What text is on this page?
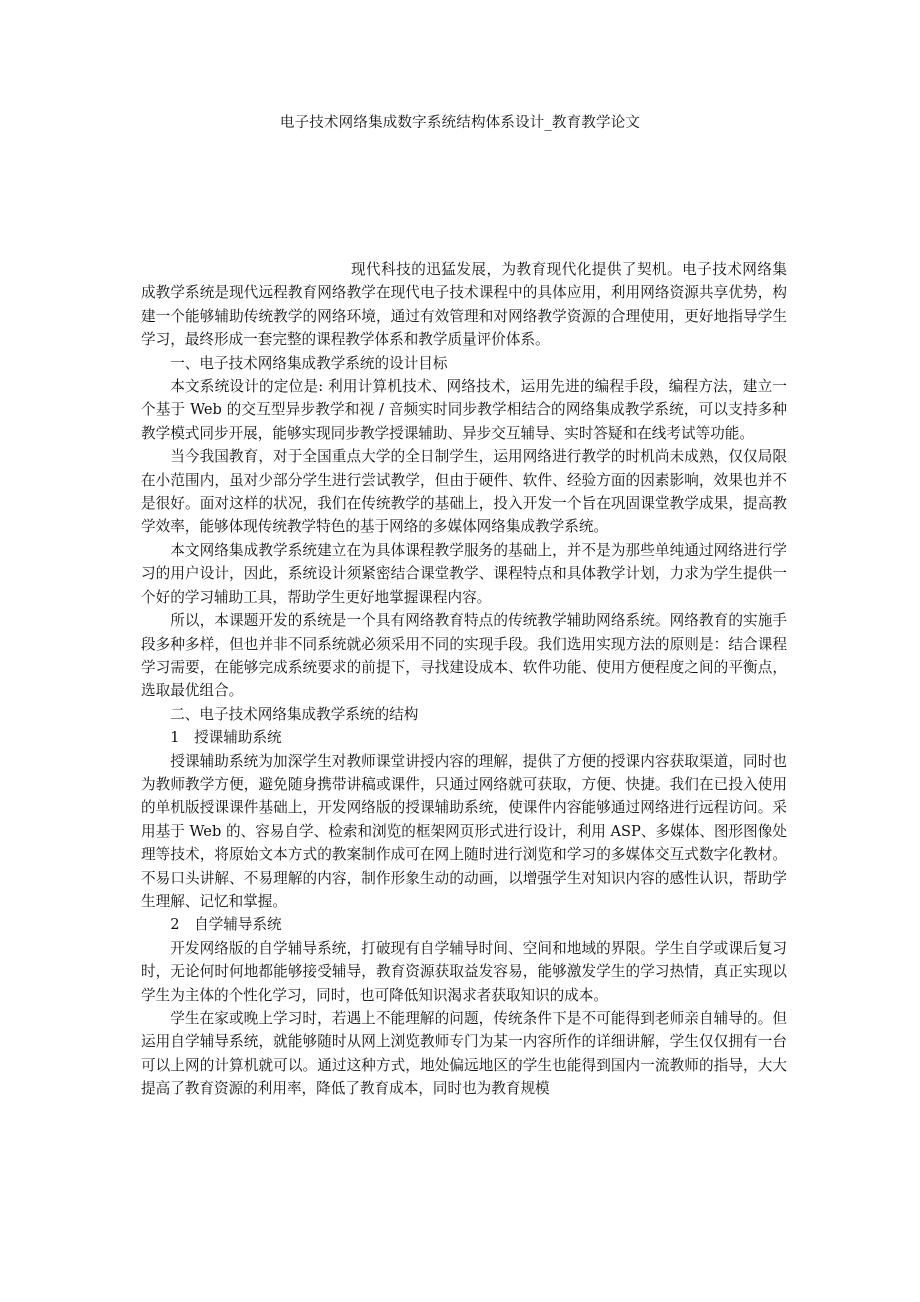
电子技术网络集成数字系统结构体系设计_教育教学论文

现代科技的迅猛发展，为教育现代化提供了契机。电子技术网络集成教学系统是现代远程教育网络教学在现代电子技术课程中的具体应用，利用网络资源共享优势，构建一个能够辅助传统教学的网络环境，通过有效管理和对网络教学资源的合理使用，更好地指导学生学习，最终形成一套完整的课程教学体系和教学质量评价体系。

一、电子技术网络集成教学系统的设计目标

本文系统设计的定位是: 利用计算机技术、网络技术，运用先进的编程手段，编程方法，建立一个基于 Web 的交互型异步教学和视 / 音频实时同步教学相结合的网络集成教学系统，可以支持多种教学模式同步开展，能够实现同步教学授课辅助、异步交互辅导、实时答疑和在线考试等功能。

当今我国教育，对于全国重点大学的全日制学生，运用网络进行教学的时机尚未成熟，仅仅局限在小范围内，虽对少部分学生进行尝试教学，但由于硬件、软件、经验方面的因素影响，效果也并不是很好。面对这样的状况，我们在传统教学的基础上，投入开发一个旨在巩固课堂教学成果，提高教学效率，能够体现传统教学特色的基于网络的多媒体网络集成教学系统。

本文网络集成教学系统建立在为具体课程教学服务的基础上，并不是为那些单纯通过网络进行学习的用户设计，因此，系统设计须紧密结合课堂教学、课程特点和具体教学计划，力求为学生提供一个好的学习辅助工具，帮助学生更好地掌握课程内容。

所以，本课题开发的系统是一个具有网络教育特点的传统教学辅助网络系统。网络教育的实施手段多种多样，但也并非不同系统就必须采用不同的实现手段。我们选用实现方法的原则是：结合课程学习需要，在能够完成系统要求的前提下，寻找建设成本、软件功能、使用方便程度之间的平衡点，选取最优组合。

二、电子技术网络集成教学系统的结构

1　授课辅助系统

授课辅助系统为加深学生对教师课堂讲授内容的理解，提供了方便的授课内容获取渠道，同时也为教师教学方便，避免随身携带讲稿或课件，只通过网络就可获取，方便、快捷。我们在已投入使用的单机版授课课件基础上，开发网络版的授课辅助系统，使课件内容能够通过网络进行远程访问。采用基于 Web 的、容易自学、检索和浏览的框架网页形式进行设计，利用 ASP、多媒体、图形图像处理等技术，将原始文本方式的教案制作成可在网上随时进行浏览和学习的多媒体交互式数字化教材。不易口头讲解、不易理解的内容，制作形象生动的动画，以增强学生对知识内容的感性认识，帮助学生理解、记忆和掌握。

2　自学辅导系统

开发网络版的自学辅导系统，打破现有自学辅导时间、空间和地域的界限。学生自学或课后复习时，无论何时何地都能够接受辅导，教育资源获取益发容易，能够激发学生的学习热情，真正实现以学生为主体的个性化学习，同时，也可降低知识渴求者获取知识的成本。

学生在家或晚上学习时，若遇上不能理解的问题，传统条件下是不可能得到老师亲自辅导的。但运用自学辅导系统，就能够随时从网上浏览教师专门为某一内容所作的详细讲解，学生仅仅拥有一台可以上网的计算机就可以。通过这种方式，地处偏远地区的学生也能得到国内一流教师的指导，大大提高了教育资源的利用率，降低了教育成本，同时也为教育规模
